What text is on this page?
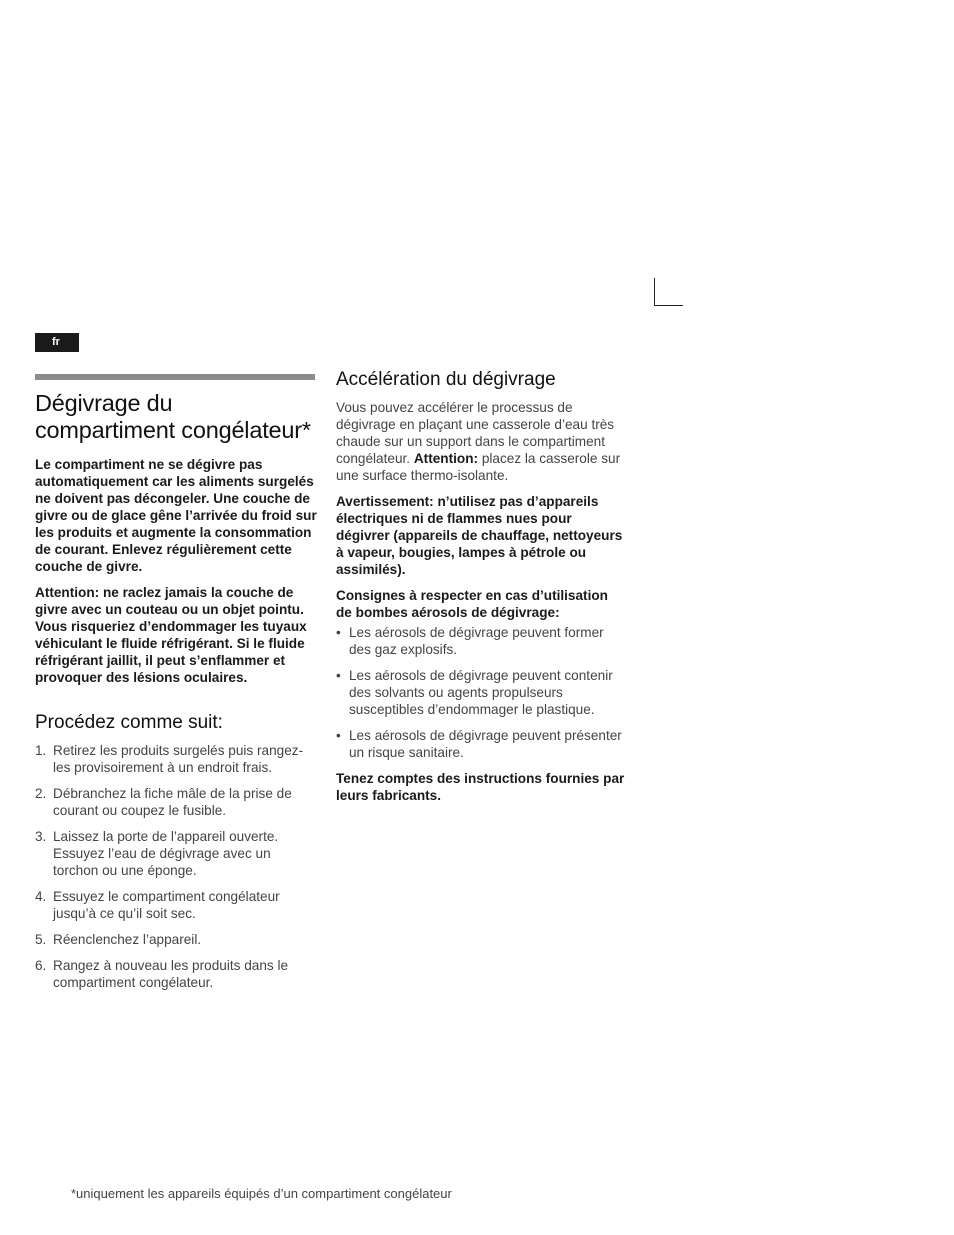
fr
Dégivrage du compartiment congélateur*

Le compartiment ne se dégivre pas automatiquement car les aliments surgelés ne doivent pas décongeler. Une couche de givre ou de glace gêne l’arrivée du froid sur les produits et augmente la consommation de courant. Enlevez régulièrement cette couche de givre.

Attention: ne raclez jamais la couche de givre avec un couteau ou un objet pointu. Vous risqueriez d’endommager les tuyaux véhiculant le fluide réfrigérant. Si le fluide réfrigérant jaillit, il peut s’enflammer et provoquer des lésions oculaires.

Procédez comme suit:
1. Retirez les produits surgelés puis rangez-les provisoirement à un endroit frais.
2. Débranchez la fiche mâle de la prise de courant ou coupez le fusible.
3. Laissez la porte de l’appareil ouverte. Essuyez l’eau de dégivrage avec un torchon ou une éponge.
4. Essuyez le compartiment congélateur jusqu’à ce qu’il soit sec.
5. Réenclenchez l’appareil.
6. Rangez à nouveau les produits dans le compartiment congélateur.
Accélération du dégivrage

Vous pouvez accélérer le processus de dégivrage en plaçant une casserole d’eau très chaude sur un support dans le compartiment congélateur. Attention: placez la casserole sur une surface thermo-isolante.

Avertissement: n’utilisez pas d’appareils électriques ni de flammes nues pour dégivrer (appareils de chauffage, nettoyeurs à vapeur, bougies, lampes à pétrole ou assimilés).

Consignes à respecter en cas d’utilisation de bombes aérosols de dégivrage:

• Les aérosols de dégivrage peuvent former des gaz explosifs.
• Les aérosols de dégivrage peuvent contenir des solvants ou agents propulseurs susceptibles d’endommager le plastique.
• Les aérosols de dégivrage peuvent présenter un risque sanitaire.

Tenez comptes des instructions fournies par leurs fabricants.

*uniquement les appareils équipés d’un compartiment congélateur
